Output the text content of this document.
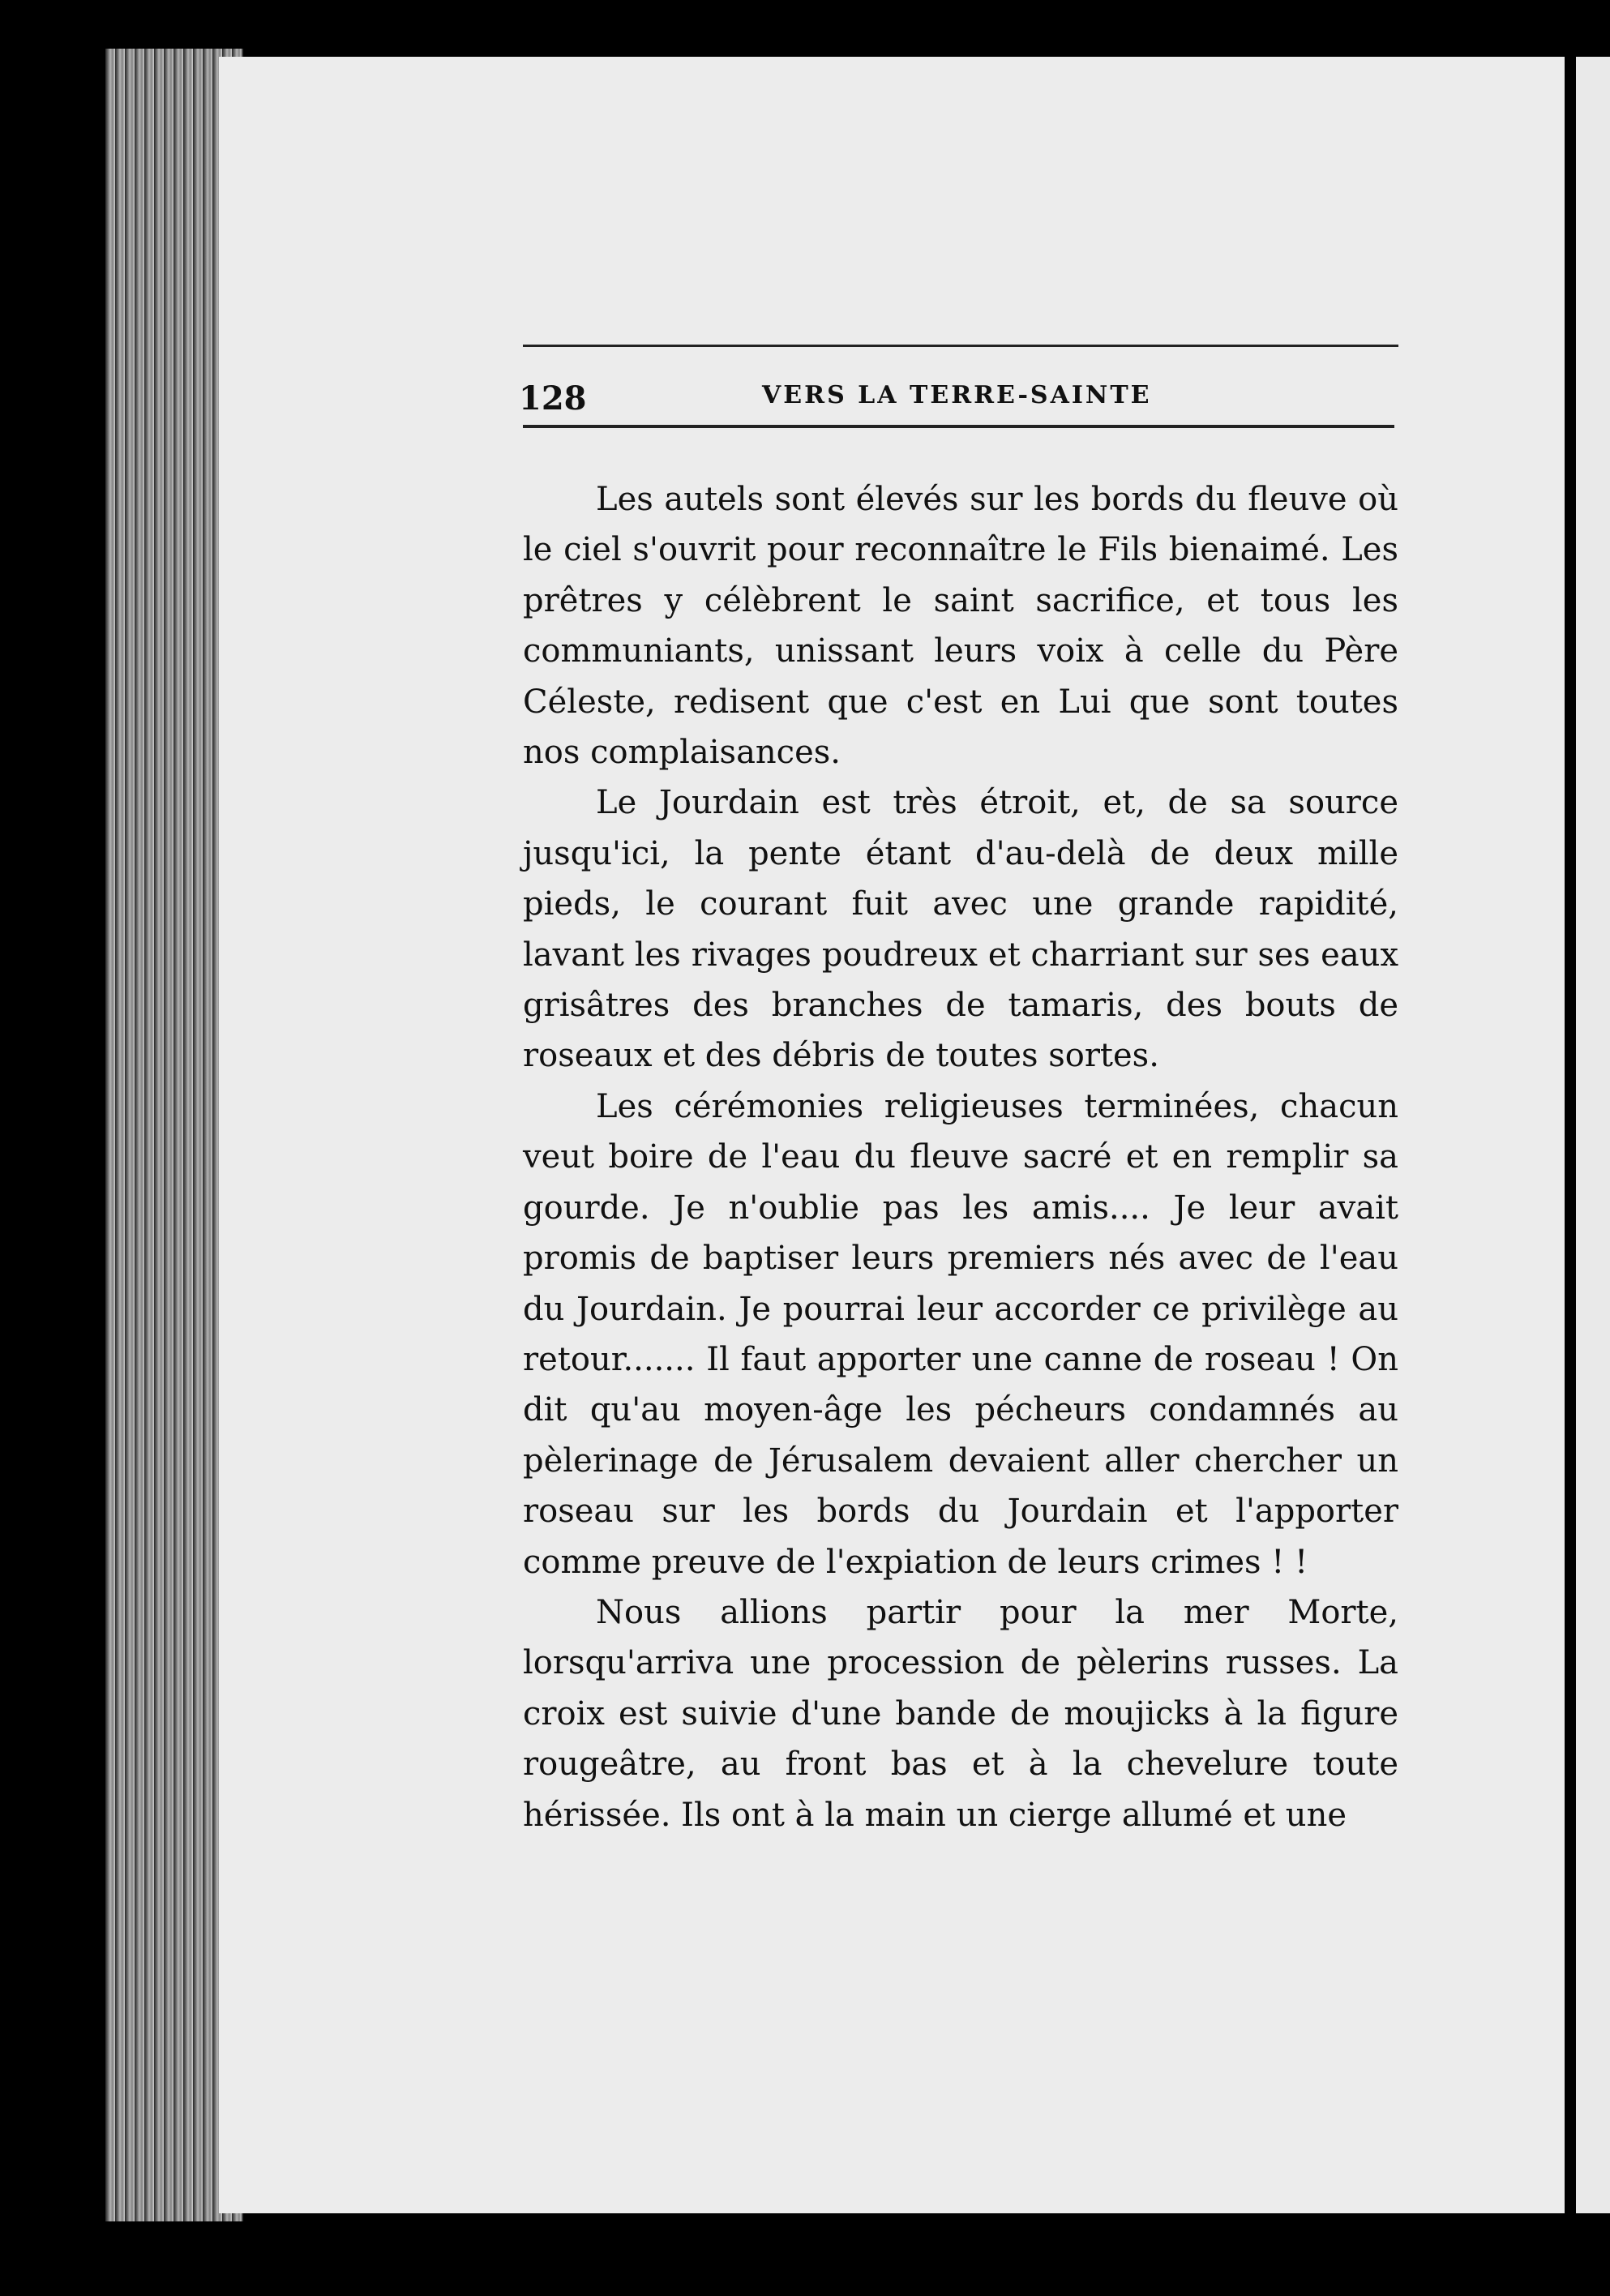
128	VERS LA TERRE-SAINTE

Les autels sont élevés sur les bords du fleuve où le ciel s'ouvrit pour reconnaître le Fils bienaimé. Les prêtres y célèbrent le saint sacrifice, et tous les communiants, unissant leurs voix à celle du Père Céleste, redisent que c'est en Lui que sont toutes nos complaisances.

Le Jourdain est très étroit, et, de sa source jusqu'ici, la pente étant d'au-delà de deux mille pieds, le courant fuit avec une grande rapidité, lavant les rivages poudreux et charriant sur ses eaux grisâtres des branches de tamaris, des bouts de roseaux et des débris de toutes sortes.

Les cérémonies religieuses terminées, chacun veut boire de l'eau du fleuve sacré et en remplir sa gourde. Je n'oublie pas les amis.... Je leur avait promis de baptiser leurs premiers nés avec de l'eau du Jourdain. Je pourrai leur accorder ce privilège au retour....... Il faut apporter une canne de roseau ! On dit qu'au moyen-âge les pécheurs condamnés au pèlerinage de Jérusalem devaient aller chercher un roseau sur les bords du Jourdain et l'apporter comme preuve de l'expiation de leurs crimes ! !

Nous allions partir pour la mer Morte, lorsqu'arriva une procession de pèlerins russes. La croix est suivie d'une bande de moujicks à la figure rougeâtre, au front bas et à la chevelure toute hérissée. Ils ont à la main un cierge allumé et une
